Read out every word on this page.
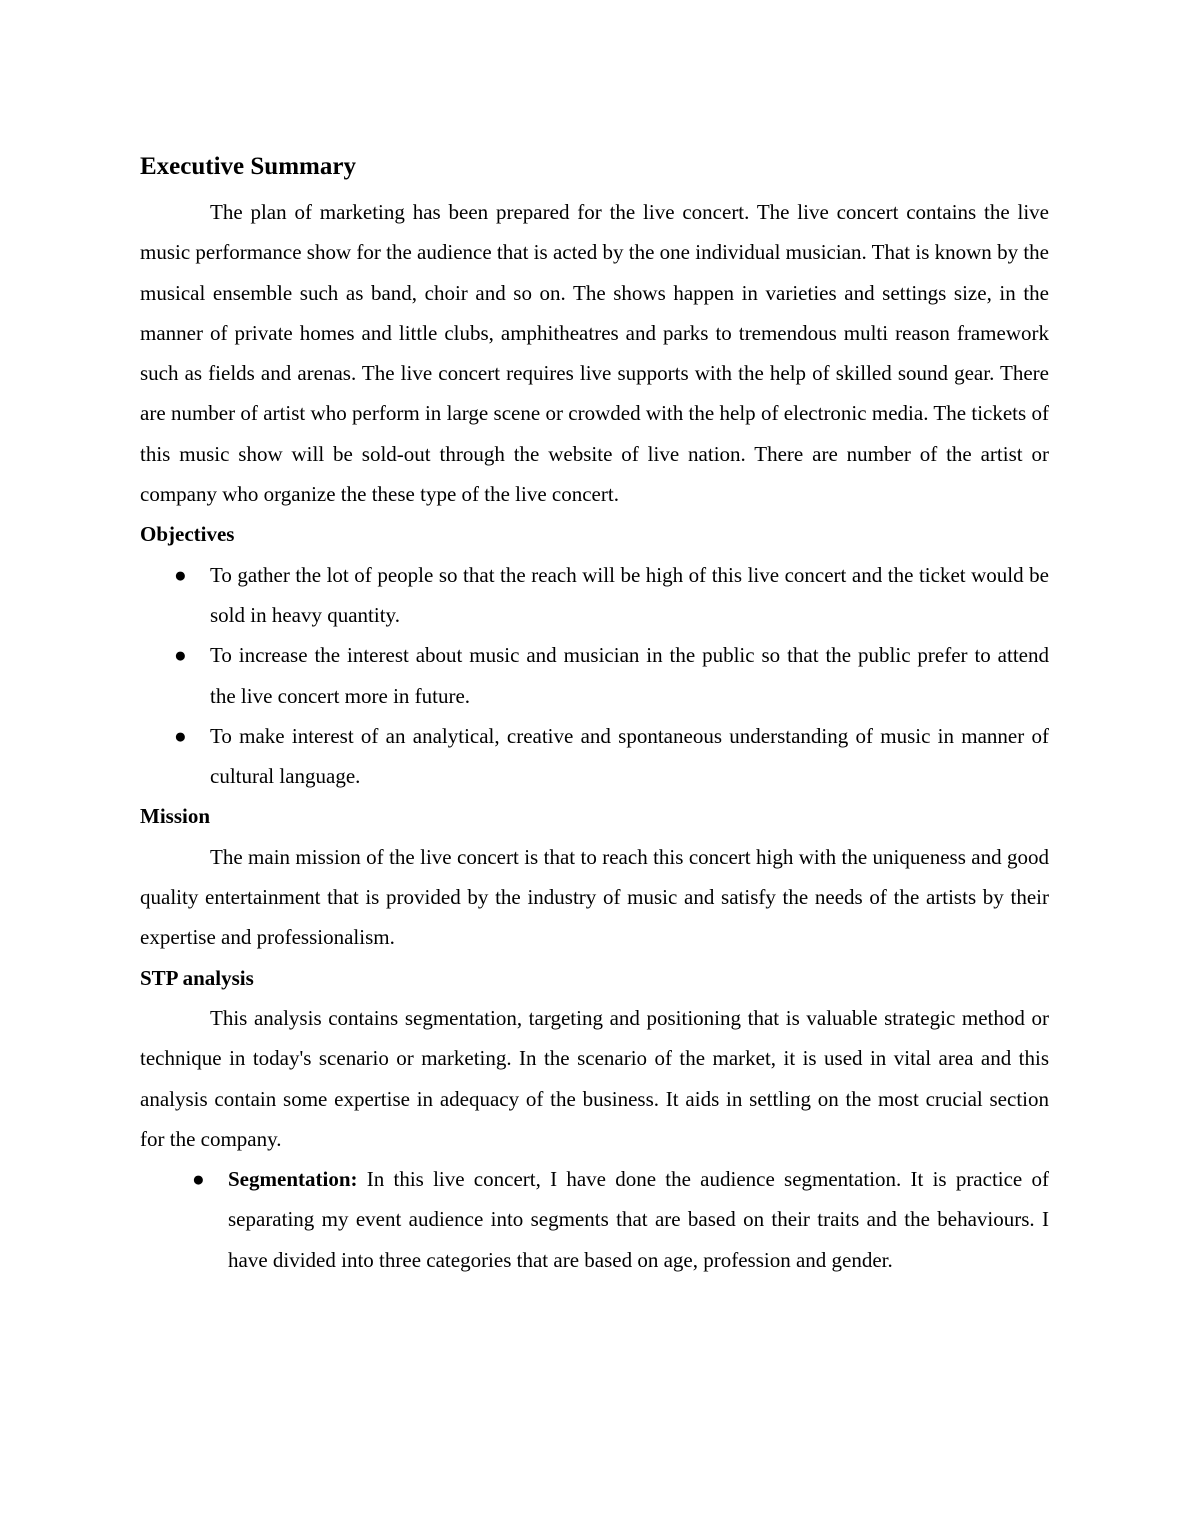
Executive Summary

The plan of marketing has been prepared for the live concert. The live concert contains the live music performance show for the audience that is acted by the one individual musician. That is known by the musical ensemble such as band, choir and so on. The shows happen in varieties and settings size, in the manner of private homes and little clubs, amphitheatres and parks to tremendous multi reason framework such as fields and arenas. The live concert requires live supports with the help of skilled sound gear. There are number of artist who perform in large scene or crowded with the help of electronic media. The tickets of this music show will be sold-out through the website of live nation. There are number of the artist or company who organize the these type of the live concert.

Objectives
● To gather the lot of people so that the reach will be high of this live concert and the ticket would be sold in heavy quantity.
● To increase the interest about music and musician in the public so that the public prefer to attend the live concert more in future.
● To make interest of an analytical, creative and spontaneous understanding of music in manner of cultural language.
Mission

The main mission of the live concert is that to reach this concert high with the uniqueness and good quality entertainment that is provided by the industry of music and satisfy the needs of the artists by their expertise and professionalism.

STP analysis

This analysis contains segmentation, targeting and positioning that is valuable strategic method or technique in today's scenario or marketing. In the scenario of the market, it is used in vital area and this analysis contain some expertise in adequacy of the business. It aids in settling on the most crucial section for the company.

● Segmentation: In this live concert, I have done the audience segmentation. It is practice of separating my event audience into segments that are based on their traits and the behaviours. I have divided into three categories that are based on age, profession and gender.
